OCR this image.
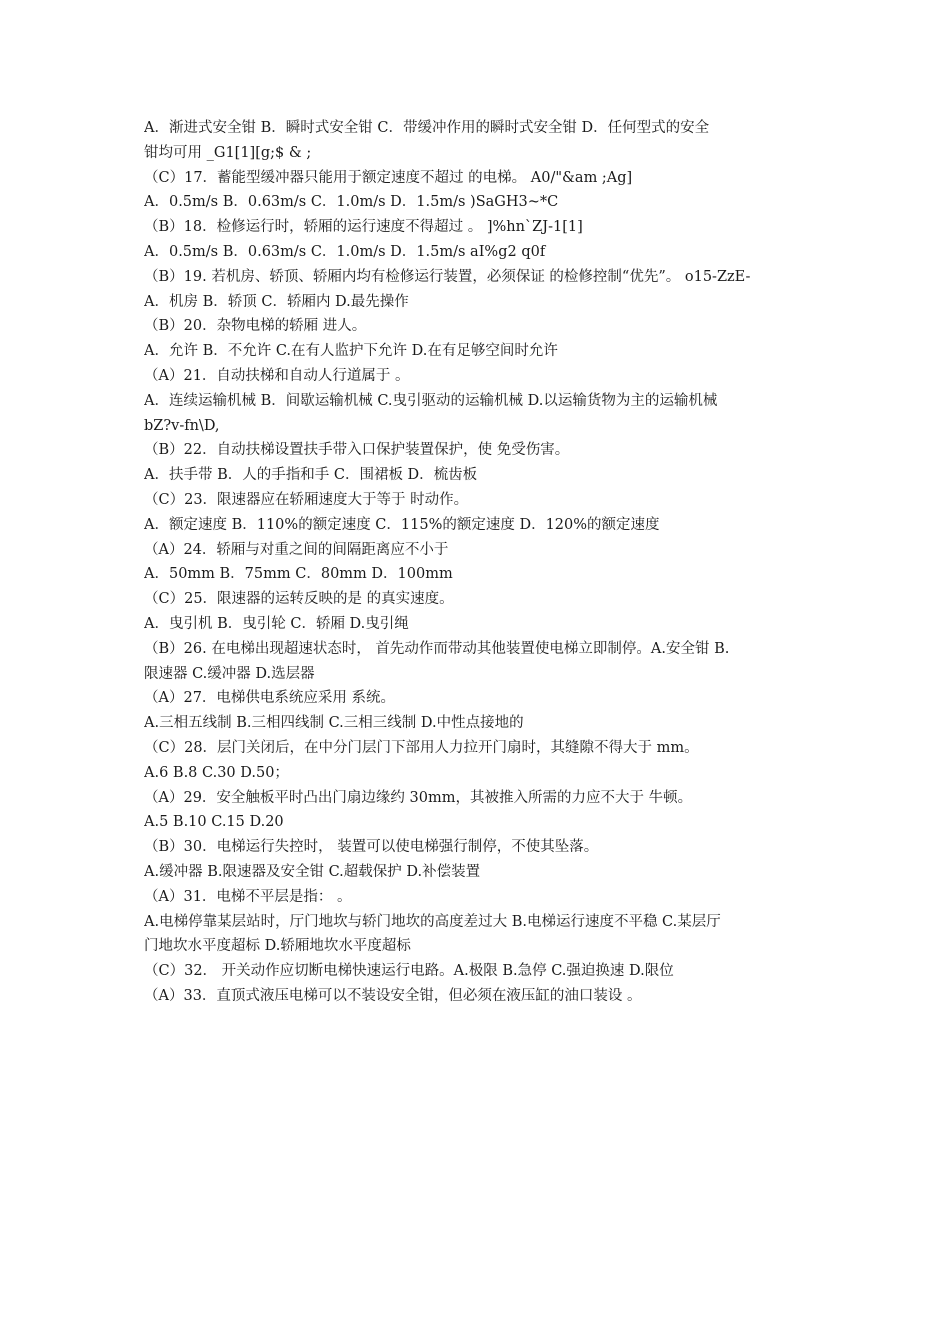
A．渐进式安全钳 B．瞬时式安全钳 C．带缓冲作用的瞬时式安全钳 D．任何型式的安全
钳均可用 _G1[1][g;$ & ;
（C）17．蓄能型缓冲器只能用于额定速度不超过 的电梯。 A0/"&am ;Ag]
A．0.5m/s B．0.63m/s C．1.0m/s D．1.5m/s )SaGH3~*C
（B）18．检修运行时，轿厢的运行速度不得超过 。 ]%hn`ZJ-1[1]
A．0.5m/s B．0.63m/s C．1.0m/s D．1.5m/s aI%g2 q0f
（B）19. 若机房、轿顶、轿厢内均有检修运行装置，必须保证 的检修控制“优先”。 o15-ZzE-
A．机房 B．轿顶 C．轿厢内 D.最先操作
（B）20．杂物电梯的轿厢 进人。
A．允许 B．不允许 C.在有人监护下允许 D.在有足够空间时允许
（A）21．自动扶梯和自动人行道属于 。
A．连续运输机械 B．间歇运输机械 C.曳引驱动的运输机械 D.以运输货物为主的运输机械
bZ?v-fn\D,
（B）22．自动扶梯设置扶手带入口保护装置保护，使 免受伤害。
A．扶手带 B．人的手指和手 C．围裙板 D．梳齿板
（C）23．限速器应在轿厢速度大于等于 时动作。
A．额定速度 B．110%的额定速度 C．115%的额定速度 D．120%的额定速度
（A）24．轿厢与对重之间的间隔距离应不小于
A．50mm B．75mm C．80mm D．100mm
（C）25．限速器的运转反映的是 的真实速度。
A．曳引机 B．曳引轮 C．轿厢 D.曳引绳
（B）26. 在电梯出现超速状态时， 首先动作而带动其他装置使电梯立即制停。A.安全钳 B.
限速器 C.缓冲器 D.选层器
（A）27．电梯供电系统应采用 系统。
A.三相五线制 B.三相四线制 C.三相三线制 D.中性点接地的
（C）28．层门关闭后，在中分门层门下部用人力拉开门扇时，其缝隙不得大于 mm。
A.6 B.8 C.30 D.50；
（A）29．安全触板平时凸出门扇边缘约 30mm，其被推入所需的力应不大于 牛顿。
A.5 B.10 C.15 D.20
（B）30．电梯运行失控时， 装置可以使电梯强行制停，不使其坠落。
A.缓冲器 B.限速器及安全钳 C.超载保护 D.补偿装置
（A）31．电梯不平层是指： 。
A.电梯停靠某层站时，厅门地坎与轿门地坎的高度差过大 B.电梯运行速度不平稳 C.某层厅
门地坎水平度超标 D.轿厢地坎水平度超标
（C）32． 开关动作应切断电梯快速运行电路。A.极限 B.急停 C.强迫换速 D.限位
（A）33．直顶式液压电梯可以不装设安全钳，但必须在液压缸的油口装设 。
